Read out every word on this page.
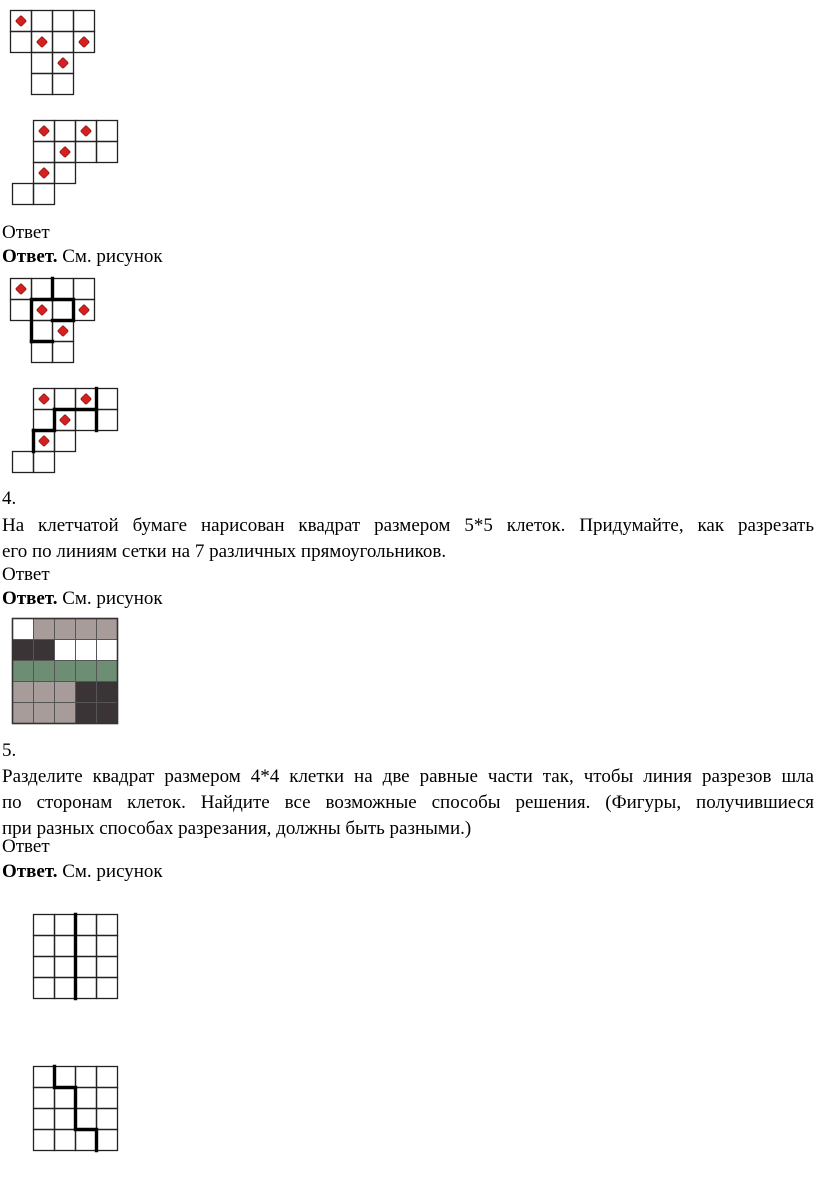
Ответ
Ответ. См. рисунок
4.
На клетчатой бумаге нарисован квадрат размером 5*5 клеток. Придумайте, как разрезать
его по линиям сетки на 7 различных прямоугольников.
Ответ
Ответ. См. рисунок
5.
Разделите квадрат размером 4*4 клетки на две равные части так, чтобы линия разрезов шла
по сторонам клеток. Найдите все возможные способы решения. (Фигуры, получившиеся
при разных способах разрезания, должны быть разными.)
Ответ
Ответ. См. рисунок
